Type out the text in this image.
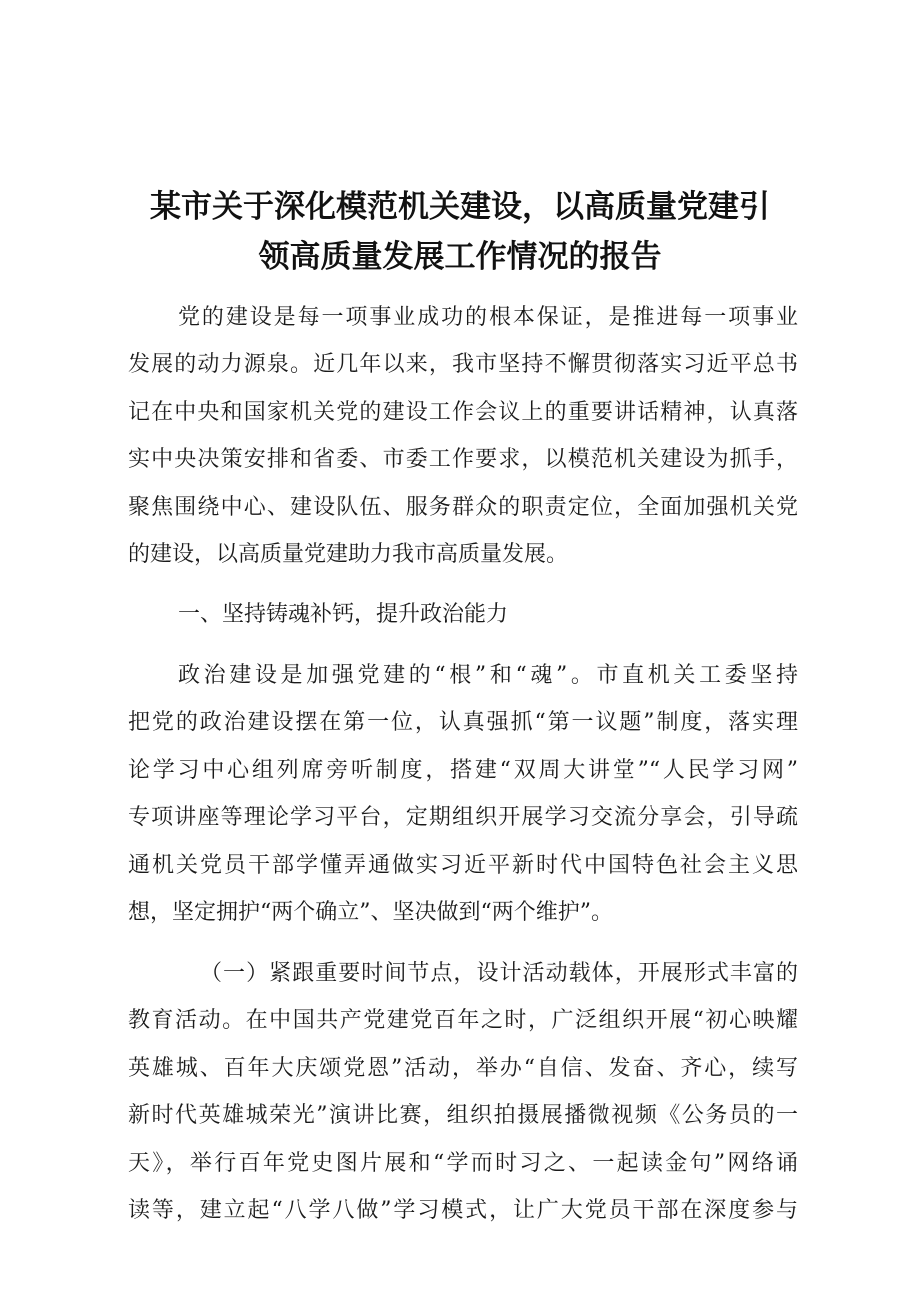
某市关于深化模范机关建设，以高质量党建引
领高质量发展工作情况的报告
党的建设是每一项事业成功的根本保证，是推进每一项事业
发展的动力源泉。近几年以来，我市坚持不懈贯彻落实习近平总书
记在中央和国家机关党的建设工作会议上的重要讲话精神，认真落
实中央决策安排和省委、市委工作要求，以模范机关建设为抓手，
聚焦围绕中心、建设队伍、服务群众的职责定位，全面加强机关党
的建设，以高质量党建助力我市高质量发展。
一、坚持铸魂补钙，提升政治能力
政治建设是加强党建的“根”和“魂”。市直机关工委坚持
把党的政治建设摆在第一位，认真强抓“第一议题”制度，落实理
论学习中心组列席旁听制度，搭建“双周大讲堂”“人民学习网”
专项讲座等理论学习平台，定期组织开展学习交流分享会，引导疏
通机关党员干部学懂弄通做实习近平新时代中国特色社会主义思
想，坚定拥护“两个确立”、坚决做到“两个维护”。
（一）紧跟重要时间节点，设计活动载体，开展形式丰富的
教育活动。在中国共产党建党百年之时，广泛组织开展“初心映耀
英雄城、百年大庆颂党恩”活动，举办“自信、发奋、齐心，续写
新时代英雄城荣光”演讲比赛，组织拍摄展播微视频《公务员的一
天》，举行百年党史图片展和“学而时习之、一起读金句”网络诵
读等，建立起“八学八做”学习模式，让广大党员干部在深度参与
